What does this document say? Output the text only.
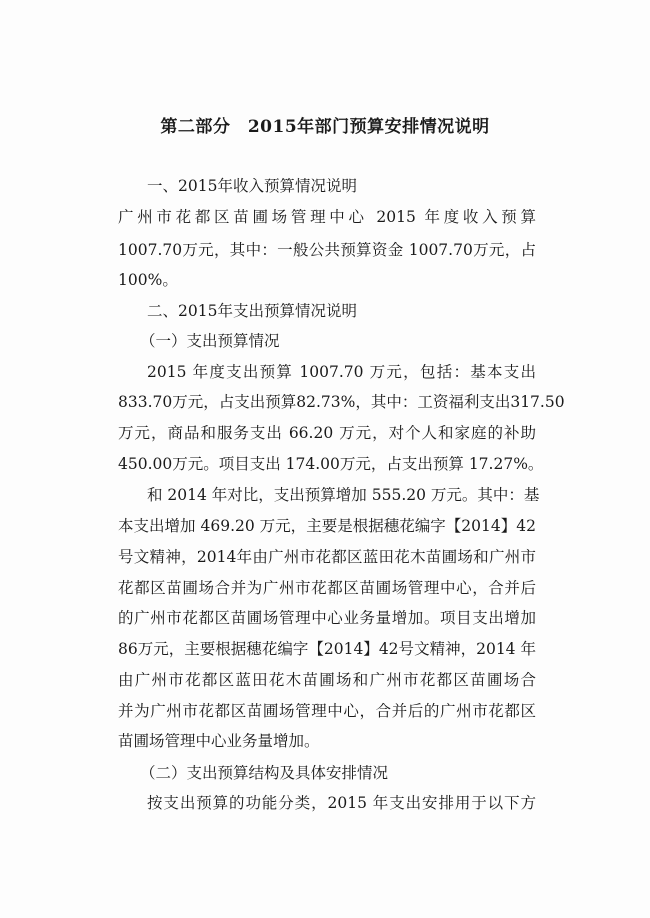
第二部分　2015年部门预算安排情况说明
一、2015年收入预算情况说明
广州市花都区苗圃场管理中心 2015 年度收入预算
1007.70万元，其中：一般公共预算资金 1007.70万元，占
100%。
二、2015年支出预算情况说明
（一）支出预算情况
2015 年度支出预算 1007.70 万元，包括：基本支出
833.70万元，占支出预算82.73%，其中：工资福利支出317.50
万元，商品和服务支出 66.20 万元，对个人和家庭的补助
450.00万元。项目支出 174.00万元，占支出预算 17.27%。
和 2014 年对比，支出预算增加 555.20 万元。其中：基
本支出增加 469.20 万元，主要是根据穗花编字【2014】42
号文精神，2014年由广州市花都区蓝田花木苗圃场和广州市
花都区苗圃场合并为广州市花都区苗圃场管理中心，合并后
的广州市花都区苗圃场管理中心业务量增加。项目支出增加
86万元，主要根据穗花编字【2014】42号文精神，2014 年
由广州市花都区蓝田花木苗圃场和广州市花都区苗圃场合
并为广州市花都区苗圃场管理中心，合并后的广州市花都区
苗圃场管理中心业务量增加。
（二）支出预算结构及具体安排情况
按支出预算的功能分类，2015 年支出安排用于以下方
